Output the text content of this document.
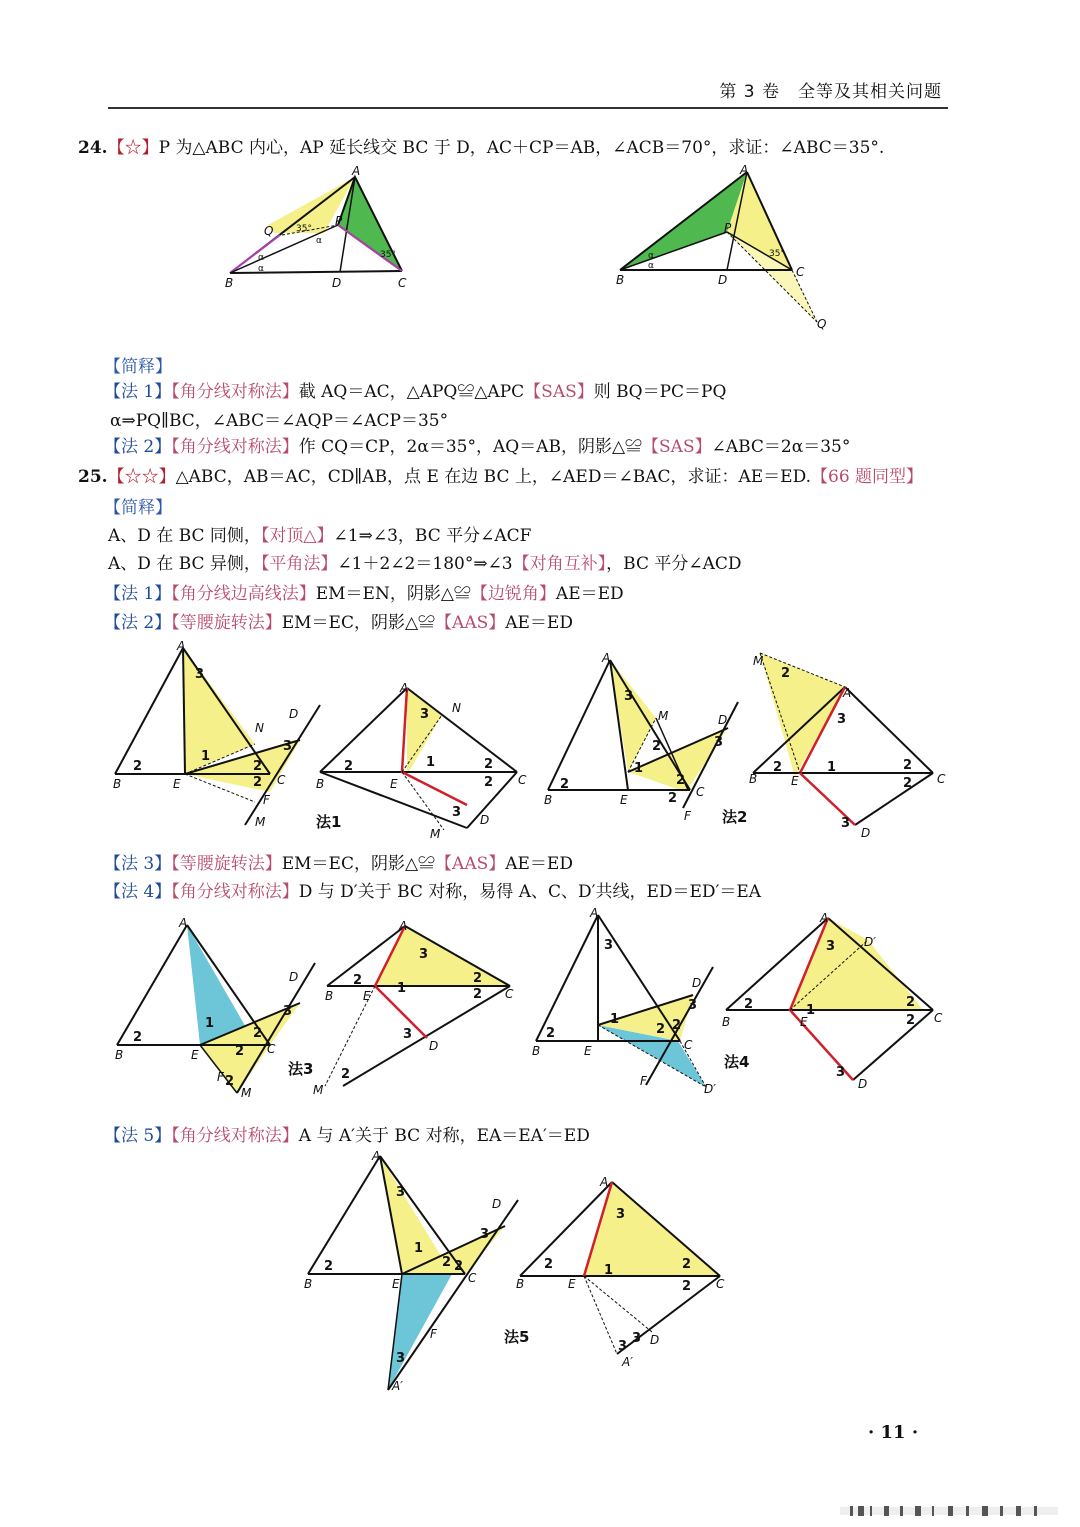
第 3 卷　全等及其相关问题
24.【☆】P 为△ABC 内心，AP 延长线交 BC 于 D，AC＋CP＝AB，∠ACB＝70°，求证：∠ABC＝35°.
A
Q
P
B	D	C
35°
35°
α
α
α
A
P
B	D
C
Q
35°
α
α
【简释】
【法 1】【角分线对称法】截 AQ＝AC，△APQ≌△APC【SAS】则 BQ＝PC＝PQ
α⇒PQ∥BC，∠ABC＝∠AQP＝∠ACP＝35°
【法 2】【角分线对称法】作 CQ＝CP，2α＝35°，AQ＝AB，阴影△≌【SAS】∠ABC＝2α＝35°
25.【☆☆】△ABC，AB＝AC，CD∥AB，点 E 在边 BC 上，∠AED＝∠BAC，求证：AE＝ED.【66 题同型】
【简释】
A、D 在 BC 同侧，【对顶△】∠1⇒∠3，BC 平分∠ACF
A、D 在 BC 异侧，【平角法】∠1＋2∠2＝180°⇒∠3【对角互补】，BC 平分∠ACD
【法 1】【角分线边高线法】EM＝EN，阴影△≌【边锐角】AE＝ED
【法 2】【等腰旋转法】EM＝EC，阴影△≌【AAS】AE＝ED
A
B	E	C
D
N
F
M
3
2
1
2
2
3
A
B	E	C
D
N
M
3
2	1	2
2
3
法1
A
B	E
C
D
M
F
3
2
1
2
2
2
3
法2
M
A
B	E	C
D
2
3
2	1	2
2
3
【法 3】【等腰旋转法】EM＝EC，阴影△≌【AAS】AE＝ED
【法 4】【角分线对称法】D 与 D′关于 BC 对称，易得 A、C、D′共线，ED＝ED′＝EA
A
B	E	C
D
F
M
2
1
2
3
2
2
A
B E	C
D
M
3
2
1
2
2
3
2
法3
A
B	E	C
D
F
D′
3
2
1
2 2
3
法4
A
B	E	C
D
D′
3
2	1
2
2
3
【法 5】【角分线对称法】A 与 A′关于 BC 对称，EA＝EA′＝ED
A
B	E	C
D
F
A′
3
2
1
2 2
3
3
A
B	E	C
D
A′
3
2	1	2
2
3
3
法5
· 11 ·
